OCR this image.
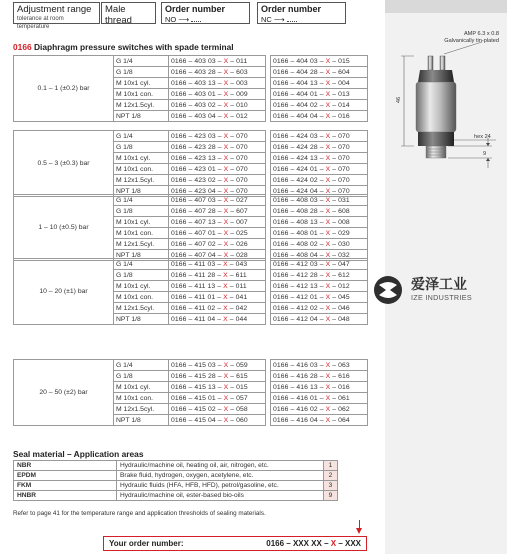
Adjustment range
tolerance at room temperature
Male
thread
Order number
NO ⟶
Order number
NC ⟶
0166 Diaphragm pressure switches with spade terminal
0.1 – 1 (±0.2) bar	G 1/4	0166 – 403 03 – X – 011		0166 – 404 03 – X – 015
	G 1/8	0166 – 403 28 – X – 603		0166 – 404 28 – X – 604
	M 10x1 cyl.	0166 – 403 13 – X – 003		0166 – 404 13 – X – 004
	M 10x1 con.	0166 – 403 01 – X – 009		0166 – 404 01 – X – 013
	M 12x1.5cyl.	0166 – 403 02 – X – 010		0166 – 404 02 – X – 014
	NPT 1/8	0166 – 403 04 – X – 012		0166 – 404 04 – X – 016
0.5 – 3 (±0.3) bar	G 1/4	0166 – 423 03 – X – 070		0166 – 424 03 – X – 070
	G 1/8	0166 – 423 28 – X – 070		0166 – 424 28 – X – 070
	M 10x1 cyl.	0166 – 423 13 – X – 070		0166 – 424 13 – X – 070
	M 10x1 con.	0166 – 423 01 – X – 070		0166 – 424 01 – X – 070
	M 12x1.5cyl.	0166 – 423 02 – X – 070		0166 – 424 02 – X – 070
	NPT 1/8	0166 – 423 04 – X – 070		0166 – 424 04 – X – 070
1 – 10 (±0.5) bar	G 1/4	0166 – 407 03 – X – 027		0166 – 408 03 – X – 031
	G 1/8	0166 – 407 28 – X – 607		0166 – 408 28 – X – 608
	M 10x1 cyl.	0166 – 407 13 – X – 007		0166 – 408 13 – X – 008
	M 10x1 con.	0166 – 407 01 – X – 025		0166 – 408 01 – X – 029
	M 12x1.5cyl.	0166 – 407 02 – X – 026		0166 – 408 02 – X – 030
	NPT 1/8	0166 – 407 04 – X – 028		0166 – 408 04 – X – 032
10 – 20 (±1) bar	G 1/4	0166 – 411 03 – X – 043		0166 – 412 03 – X – 047
	G 1/8	0166 – 411 28 – X – 611		0166 – 412 28 – X – 612
	M 10x1 cyl.	0166 – 411 13 – X – 011		0166 – 412 13 – X – 012
	M 10x1 con.	0166 – 411 01 – X – 041		0166 – 412 01 – X – 045
	M 12x1.5cyl.	0166 – 411 02 – X – 042		0166 – 412 02 – X – 046
	NPT 1/8	0166 – 411 04 – X – 044		0166 – 412 04 – X – 048
20 – 50 (±2) bar	G 1/4	0166 – 415 03 – X – 059		0166 – 416 03 – X – 063
	G 1/8	0166 – 415 28 – X – 615		0166 – 416 28 – X – 616
	M 10x1 cyl.	0166 – 415 13 – X – 015		0166 – 416 13 – X – 016
	M 10x1 con.	0166 – 415 01 – X – 057		0166 – 416 01 – X – 061
	M 12x1.5cyl.	0166 – 415 02 – X – 058		0166 – 416 02 – X – 062
	NPT 1/8	0166 – 415 04 – X – 060		0166 – 416 04 – X – 064
Seal material – Application areas
NBR	Hydraulic/machine oil, heating oil, air, nitrogen, etc.	1
EPDM	Brake fluid, hydrogen, oxygen, acetylene, etc.	2
FKM	Hydraulic fluids (HFA, HFB, HFD), petrol/gasoline, etc.	3
HNBR	Hydraulic/machine oil, ester-based bio-oils	9
Refer to page 41 for the temperature range and application thresholds of sealing materials.
Your order number:	0166 – XXX XX – X – XXX
AMP 6.3 x 0.8
Galvanically tin-plated
46
hex 24
9
爱泽工业
IZE INDUSTRIES
